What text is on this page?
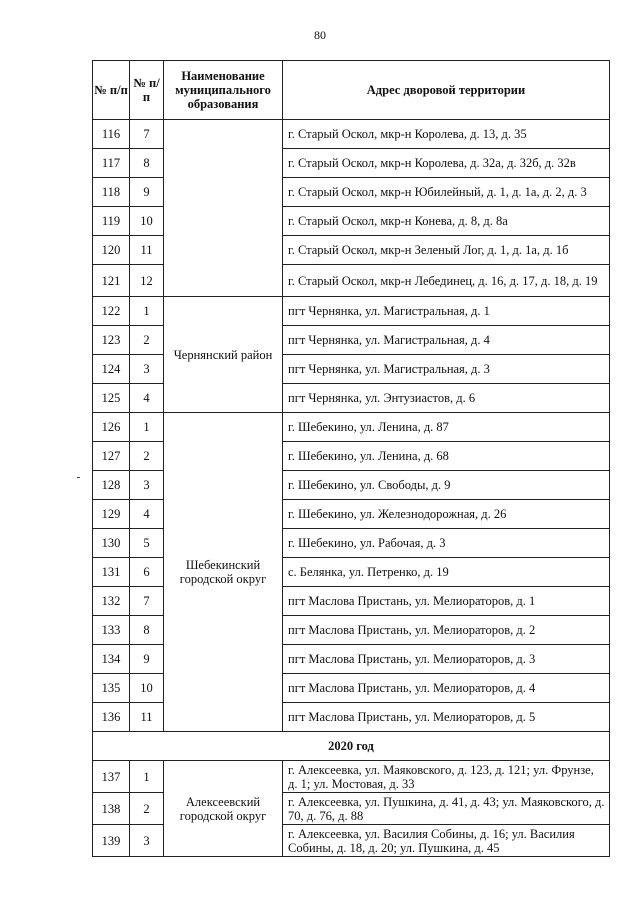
80
№ п/п	№ п/п	Наименование муниципального образования	Адрес дворовой территории
116	7		г. Старый Оскол, мкр-н Королева, д. 13, д. 35
117	8		г. Старый Оскол, мкр-н Королева, д. 32а, д. 32б, д. 32в
118	9		г. Старый Оскол, мкр-н Юбилейный, д. 1, д. 1а, д. 2, д. 3
119	10		г. Старый Оскол, мкр-н Конева, д. 8, д. 8а
120	11		г. Старый Оскол, мкр-н Зеленый Лог, д. 1, д. 1а, д. 1б
121	12		г. Старый Оскол, мкр-н Лебединец, д. 16, д. 17, д. 18, д. 19
122	1	Чернянский район	пгт Чернянка, ул. Магистральная, д. 1
123	2		пгт Чернянка, ул. Магистральная, д. 4
124	3		пгт Чернянка, ул. Магистральная, д. 3
125	4		пгт Чернянка, ул. Энтузиастов, д. 6
126	1	Шебекинский городской округ	г. Шебекино, ул. Ленина, д. 87
127	2		г. Шебекино, ул. Ленина, д. 68
128	3		г. Шебекино, ул. Свободы, д. 9
129	4		г. Шебекино, ул. Железнодорожная, д. 26
130	5		г. Шебекино, ул. Рабочая, д. 3
131	6		с. Белянка, ул. Петренко, д. 19
132	7		пгт Маслова Пристань, ул. Мелиораторов, д. 1
133	8		пгт Маслова Пристань, ул. Мелиораторов, д. 2
134	9		пгт Маслова Пристань, ул. Мелиораторов, д. 3
135	10		пгт Маслова Пристань, ул. Мелиораторов, д. 4
136	11		пгт Маслова Пристань, ул. Мелиораторов, д. 5
2020 год			
137	1	Алексеевский городской округ	г. Алексеевка, ул. Маяковского, д. 123, д. 121; ул. Фрунзе, д. 1; ул. Мостовая, д. 33
138	2		г. Алексеевка, ул. Пушкина, д. 41, д. 43; ул. Маяковского, д. 70, д. 76, д. 88
139	3		г. Алексеевка, ул. Василия Собины, д. 16; ул. Василия Собины, д. 18, д. 20; ул. Пушкина, д. 45
